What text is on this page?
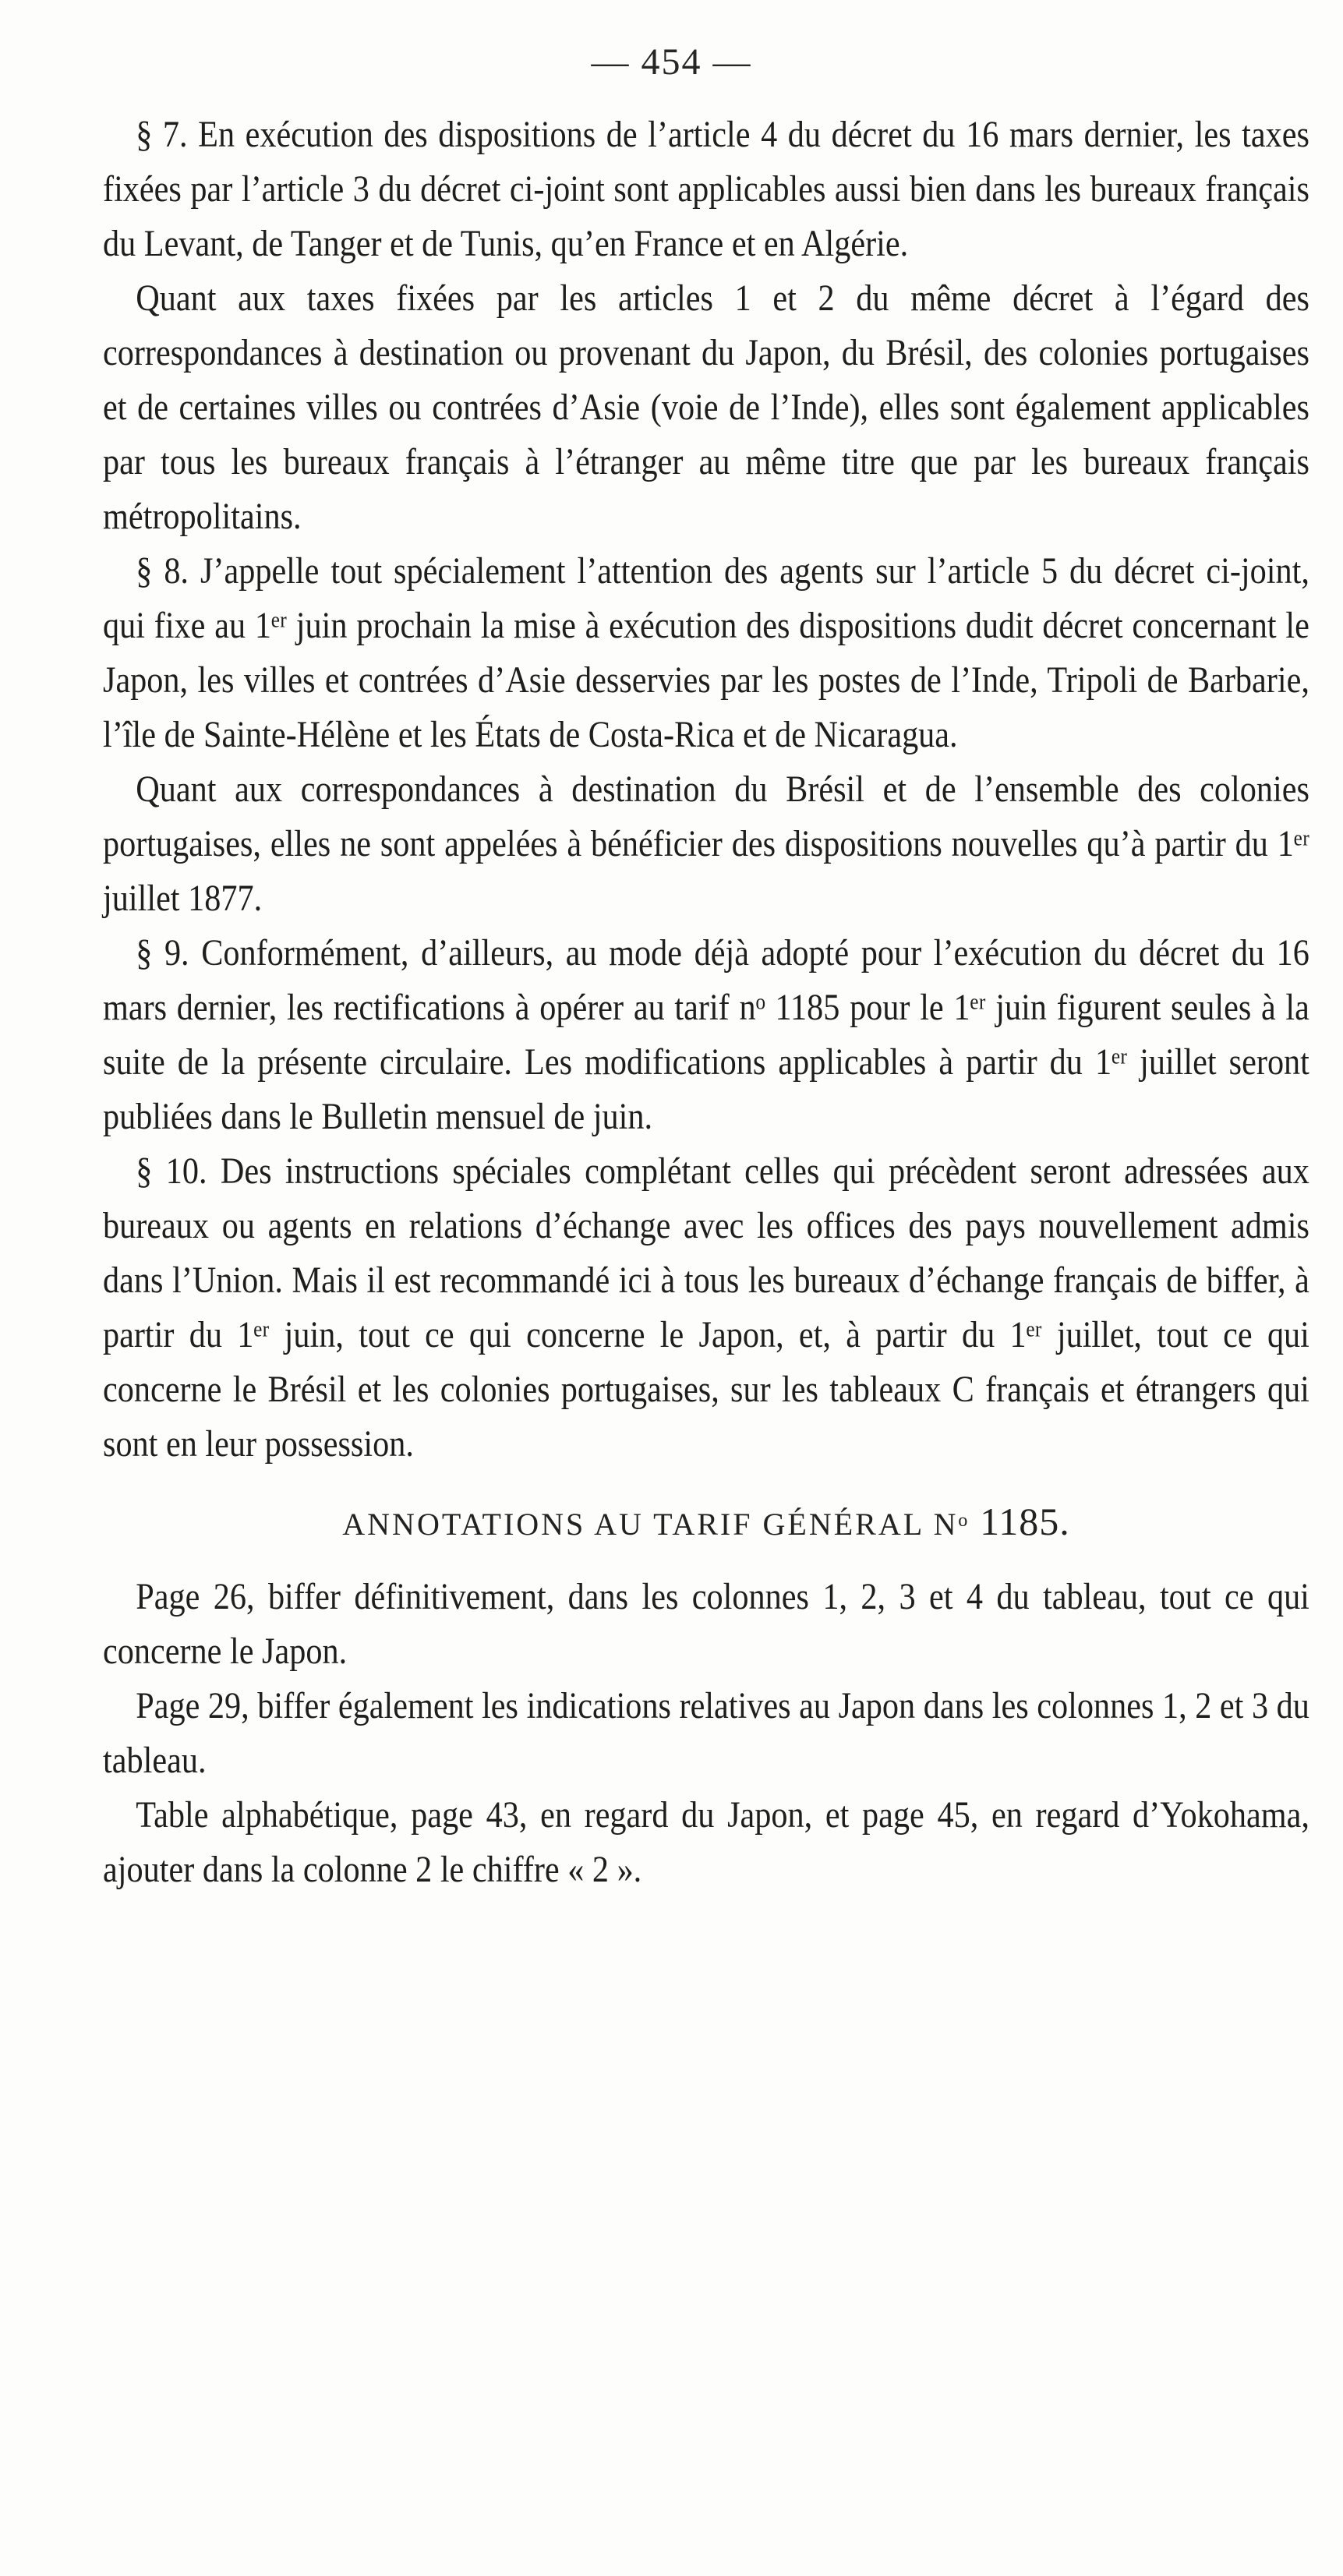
— 454 —

§ 7. En exécution des dispositions de l’article 4 du décret du 16 mars dernier, les taxes fixées par l’article 3 du décret ci-joint sont applicables aussi bien dans les bureaux français du Levant, de Tanger et de Tunis, qu’en France et en Algérie.

Quant aux taxes fixées par les articles 1 et 2 du même décret à l’égard des correspondances à destination ou provenant du Japon, du Brésil, des colonies portugaises et de certaines villes ou contrées d’Asie (voie de l’Inde), elles sont également applicables par tous les bureaux français à l’étranger au même titre que par les bureaux français métropolitains.

§ 8. J’appelle tout spécialement l’attention des agents sur l’article 5 du décret ci-joint, qui fixe au 1ᵉʳ juin prochain la mise à exécution des dispositions dudit décret concernant le Japon, les villes et contrées d’Asie desservies par les postes de l’Inde, Tripoli de Barbarie, l’île de Sainte-Hélène et les États de Costa-Rica et de Nicaragua.

Quant aux correspondances à destination du Brésil et de l’ensemble des colonies portugaises, elles ne sont appelées à bénéficier des dispositions nouvelles qu’à partir du 1ᵉʳ juillet 1877.

§ 9. Conformément, d’ailleurs, au mode déjà adopté pour l’exécution du décret du 16 mars dernier, les rectifications à opérer au tarif nᵒ 1185 pour le 1ᵉʳ juin figurent seules à la suite de la présente circulaire. Les modifications applicables à partir du 1ᵉʳ juillet seront publiées dans le Bulletin mensuel de juin.

§ 10. Des instructions spéciales complétant celles qui précèdent seront adressées aux bureaux ou agents en relations d’échange avec les offices des pays nouvellement admis dans l’Union. Mais il est recommandé ici à tous les bureaux d’échange français de biffer, à partir du 1ᵉʳ juin, tout ce qui concerne le Japon, et, à partir du 1ᵉʳ juillet, tout ce qui concerne le Brésil et les colonies portugaises, sur les tableaux C français et étrangers qui sont en leur possession.

ANNOTATIONS AU TARIF GÉNÉRAL Nᵒ 1185.

Page 26, biffer définitivement, dans les colonnes 1, 2, 3 et 4 du tableau, tout ce qui concerne le Japon.

Page 29, biffer également les indications relatives au Japon dans les colonnes 1, 2 et 3 du tableau.

Table alphabétique, page 43, en regard du Japon, et page 45, en regard d’Yokohama, ajouter dans la colonne 2 le chiffre « 2 ».
